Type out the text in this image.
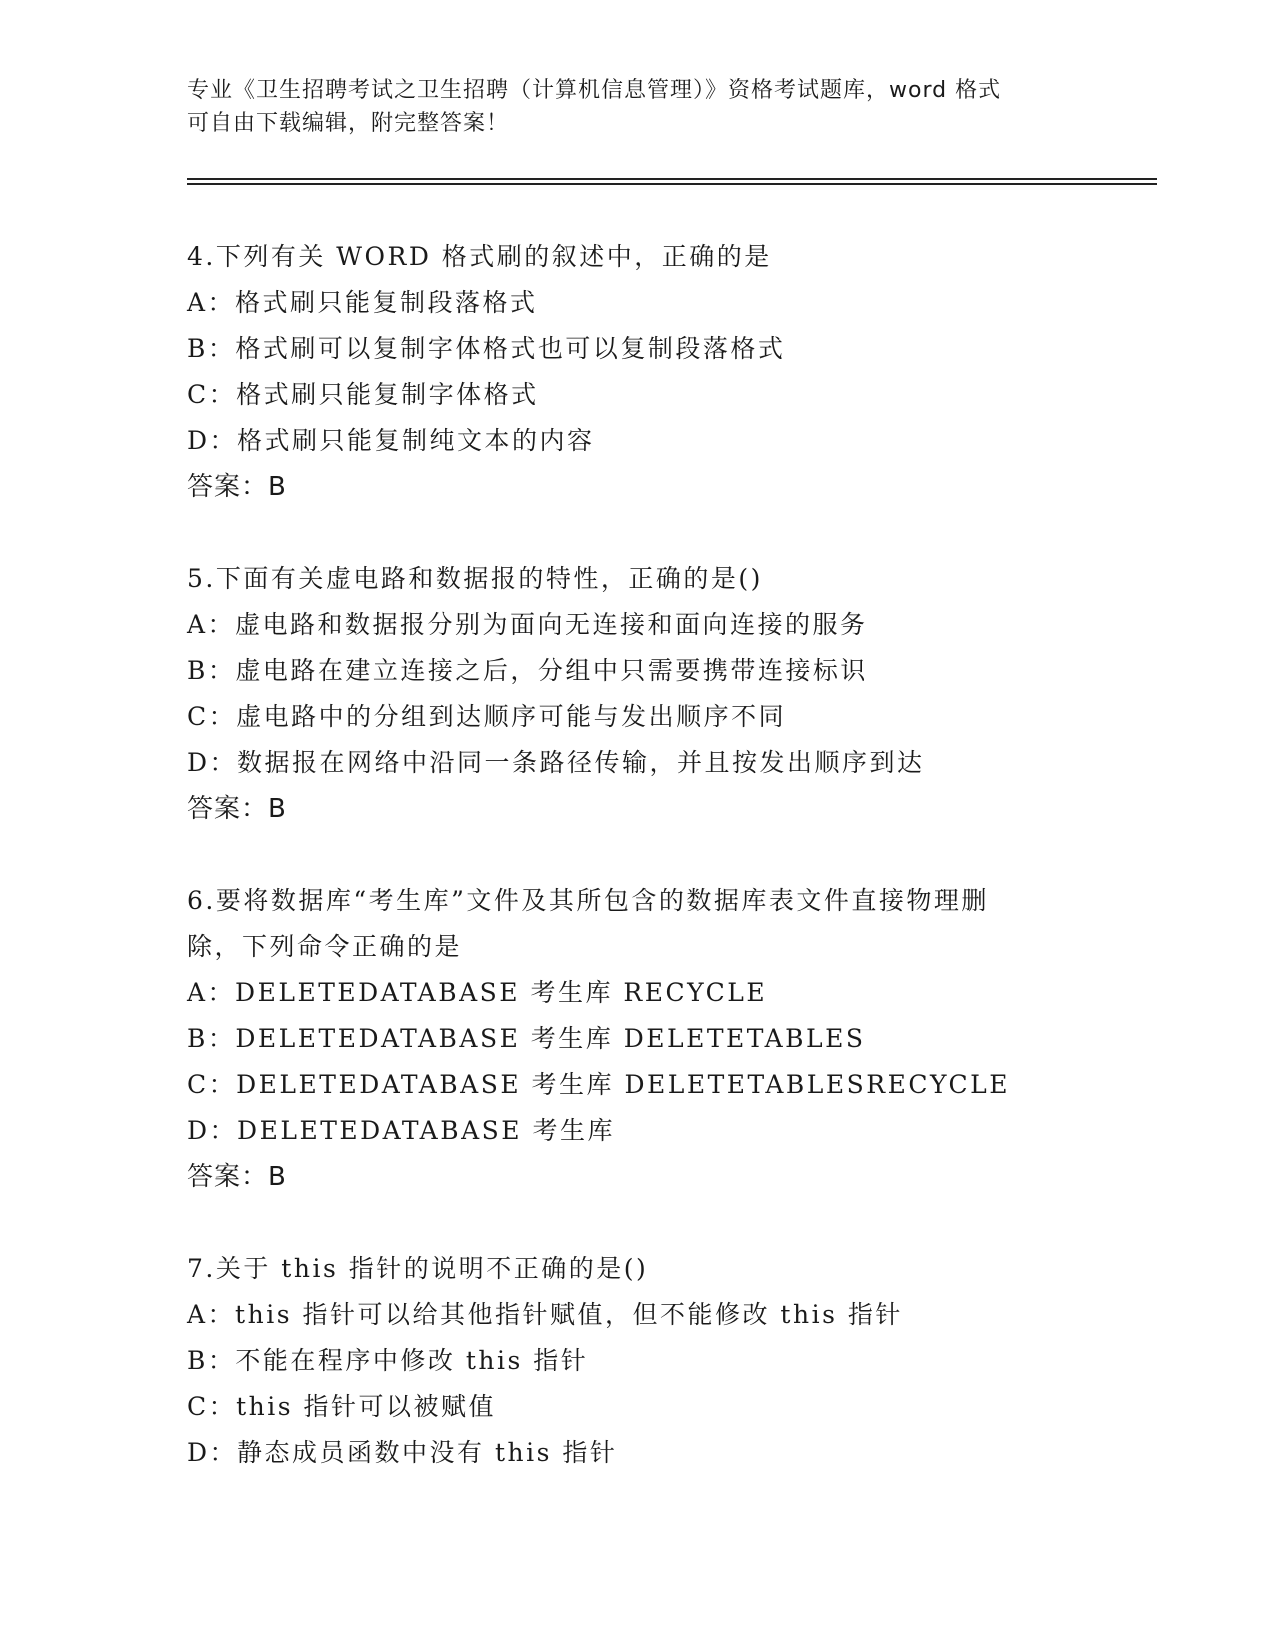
专业《卫生招聘考试之卫生招聘（计算机信息管理）》资格考试题库，word 格式
可自由下载编辑，附完整答案！
4.下列有关 WORD 格式刷的叙述中，正确的是
A：格式刷只能复制段落格式
B：格式刷可以复制字体格式也可以复制段落格式
C：格式刷只能复制字体格式
D：格式刷只能复制纯文本的内容
答案：B
5.下面有关虚电路和数据报的特性，正确的是()
A：虚电路和数据报分别为面向无连接和面向连接的服务
B：虚电路在建立连接之后，分组中只需要携带连接标识
C：虚电路中的分组到达顺序可能与发出顺序不同
D：数据报在网络中沿同一条路径传输，并且按发出顺序到达
答案：B
6.要将数据库“考生库”文件及其所包含的数据库表文件直接物理删
除，下列命令正确的是
A：DELETEDATABASE 考生库 RECYCLE
B：DELETEDATABASE 考生库 DELETETABLES
C：DELETEDATABASE 考生库 DELETETABLESRECYCLE
D：DELETEDATABASE 考生库
答案：B
7.关于 this 指针的说明不正确的是()
A：this 指针可以给其他指针赋值，但不能修改 this 指针
B：不能在程序中修改 this 指针
C：this 指针可以被赋值
D：静态成员函数中没有 this 指针
